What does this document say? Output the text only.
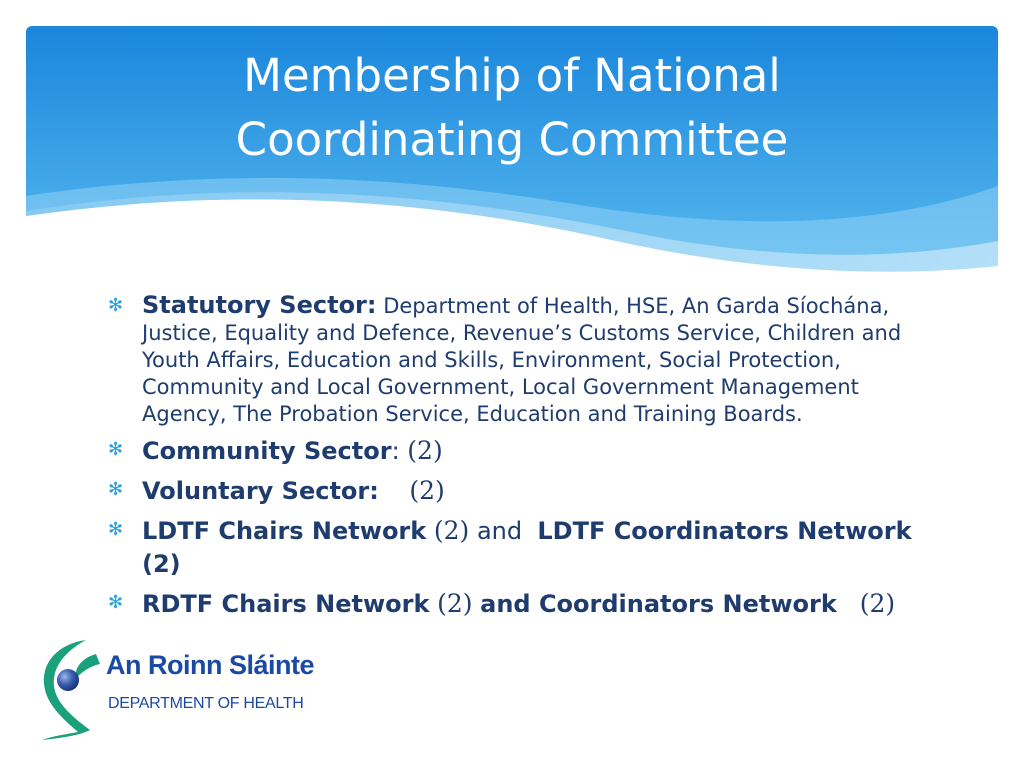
Membership of National
Coordinating Committee
✻ Statutory Sector: Department of Health, HSE, An Garda Síochána, Justice, Equality and Defence, Revenue’s Customs Service, Children and Youth Affairs, Education and Skills, Environment, Social Protection, Community and Local Government, Local Government Management Agency, The Probation Service, Education and Training Boards.
✻ Community Sector: (2)
✻ Voluntary Sector: (2)
✻ LDTF Chairs Network (2) and LDTF Coordinators Network (2)
✻ RDTF Chairs Network (2) and Coordinators Network (2)
An Roinn Sláinte
DEPARTMENT OF HEALTH
